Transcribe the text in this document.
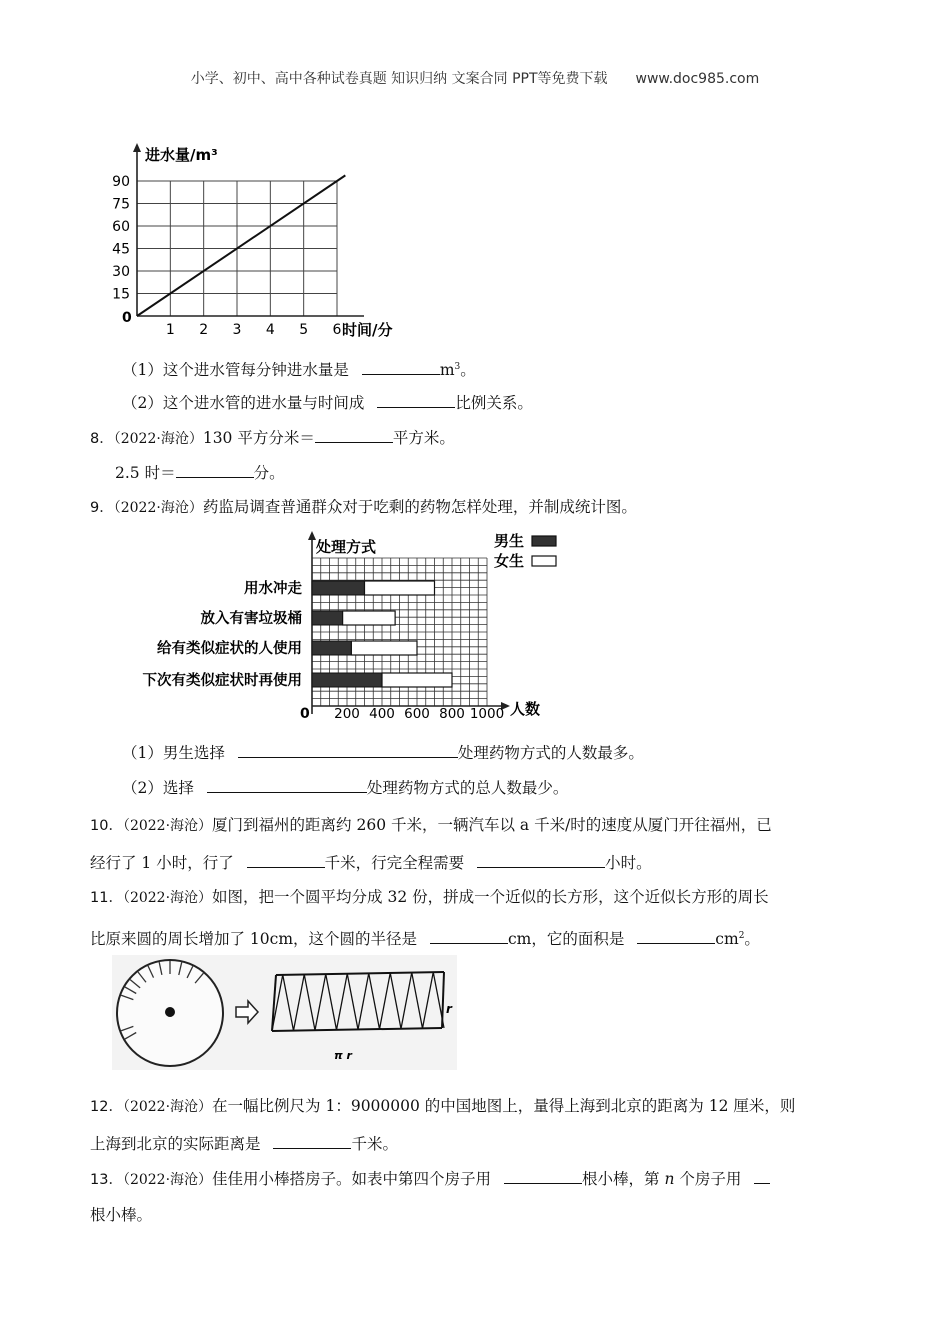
小学、初中、高中各种试卷真题 知识归纳 文案合同 PPT等免费下载 www.doc985.com
进水量/m³
时间/分
0
15
30
45
60
75
90
1 2 3 4 5 6
（1）这个进水管每分钟进水量是	$m^3$。
（2）这个进水管的进水量与时间成	比例关系。
8．（2022·海沧）130 平方分米＝	平方米。
2.5 时＝	分。
9．（2022·海沧）药监局调查普通群众对于吃剩的药物怎样处理，并制成统计图。
处理方式
人数
0
男生
女生
用水冲走
放入有害垃圾桶
给有类似症状的人使用
下次有类似症状时再使用
200 400 600 800 1000
（1）男生选择	处理药物方式的人数最多。
（2）选择	处理药物方式的总人数最少。
10．（2022·海沧）厦门到福州的距离约 260 千米，一辆汽车以 a 千米/时的速度从厦门开往福州，已
经行了 1 小时，行了	千米，行完全程需要	小时。
11．（2022·海沧）如图，把一个圆平均分成 32 份，拼成一个近似的长方形，这个近似长方形的周长
比原来圆的周长增加了 10cm，这个圆的半径是	cm，它的面积是	$cm^2$。
r
π r
12．（2022·海沧）在一幅比例尺为 1：9000000 的中国地图上，量得上海到北京的距离为 12 厘米，则
上海到北京的实际距离是	千米。
13．（2022·海沧）佳佳用小棒搭房子。如表中第四个房子用	根小棒，第 n 个房子用
根小棒。
